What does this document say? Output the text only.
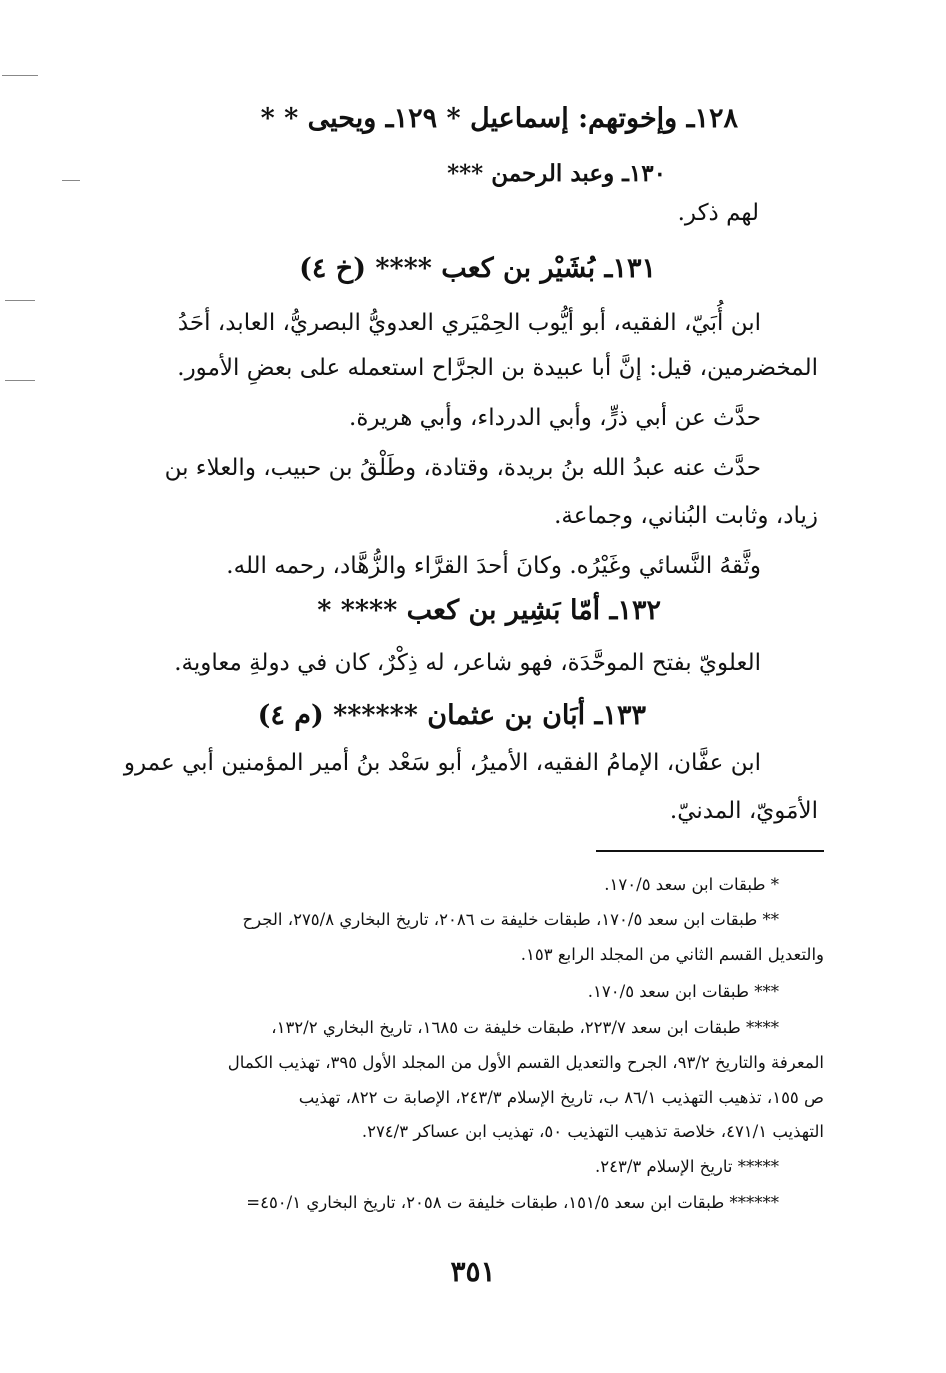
١٢٨ـ وإخوتهم: إسماعيل * ١٢٩ـ ويحيى * *
١٣٠ـ وعبد الرحمن ***
لهم ذكر.
١٣١ـ بُشَيْر بن كعب **** (خ ٤)
ابن أُبَيّ، الفقيه، أبو أيُّوب الحِمْيَري العدويُّ البصريُّ، العابد، أحَدُ
المخضرمين، قيل: إنَّ أبا عبيدة بن الجرَّاح استعمله على بعضِ الأمور.
حدَّث عن أبي ذرٍّ، وأبي الدرداء، وأبي هريرة.
حدَّث عنه عبدُ الله بنُ بريدة، وقتادة، وطَلْقُ بن حبيب، والعلاء بن
زياد، وثابت البُناني، وجماعة.
وثَّقهُ النَّسائي وغَيْرُه. وكانَ أحدَ القرَّاء والزُّهَّاد، رحمه الله.
١٣٢ـ أمّا بَشِير بن كعب **** *
العلويّ بفتح الموحَّدَة، فهو شاعر، له ذِكْرٌ، كان في دولةِ معاوية.
١٣٣ـ أبَان بن عثمان ****** (م ٤)
ابن عفَّان، الإمامُ الفقيه، الأميرُ، أبو سَعْد بنُ أمير المؤمنين أبي عمرو
الأمَويّ، المدنيّ.
* طبقات ابن سعد ١٧٠/٥.
** طبقات ابن سعد ١٧٠/٥، طبقات خليفة ت ٢٠٨٦، تاريخ البخاري ٢٧٥/٨، الجرح
والتعديل القسم الثاني من المجلد الرابع ١٥٣.
*** طبقات ابن سعد ١٧٠/٥.
**** طبقات ابن سعد ٢٢٣/٧، طبقات خليفة ت ١٦٨٥، تاريخ البخاري ١٣٢/٢،
المعرفة والتاريخ ٩٣/٢، الجرح والتعديل القسم الأول من المجلد الأول ٣٩٥، تهذيب الكمال
ص ١٥٥، تذهيب التهذيب ٨٦/١ ب، تاريخ الإسلام ٢٤٣/٣، الإصابة ت ٨٢٢، تهذيب
التهذيب ٤٧١/١، خلاصة تذهيب التهذيب ٥٠، تهذيب ابن عساكر ٢٧٤/٣.
***** تاريخ الإسلام ٢٤٣/٣.
****** طبقات ابن سعد ١٥١/٥، طبقات خليفة ت ٢٠٥٨، تاريخ البخاري ٤٥٠/١=
٣٥١
